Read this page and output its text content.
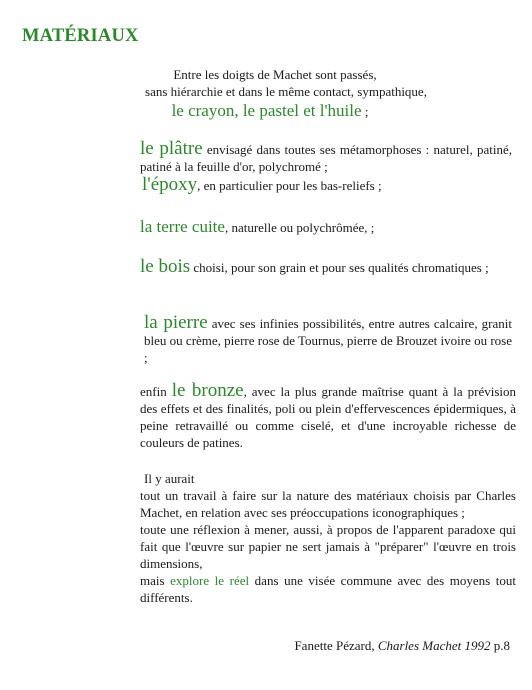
MATÉRIAUX
Entre les doigts de Machet sont passés,
sans hiérarchie et dans le même contact, sympathique,
le crayon, le pastel et l'huile ;

le plâtre envisagé dans toutes ses métamorphoses : naturel, patiné, patiné à la feuille d'or, polychromé ;

l'époxy, en particulier pour les bas-reliefs ;

la terre cuite, naturelle ou polychrômée, ;

le bois choisi, pour son grain et pour ses qualités chromatiques ;

la pierre avec ses infinies possibilités, entre autres calcaire, granit bleu ou crème, pierre rose de Tournus, pierre de Brouzet ivoire ou rose ;

enfin le bronze, avec la plus grande maîtrise quant à la prévision des effets et des finalités, poli ou plein d'effervescences épidermiques, à peine retravaillé ou comme ciselé, et d'une incroyable richesse de couleurs de patines.

Il y aurait

tout un travail à faire sur la nature des matériaux choisis par Charles Machet, en relation avec ses préoccupations iconographiques ;

toute une réflexion à mener, aussi, à propos de l'apparent paradoxe qui fait que l'œuvre sur papier ne sert jamais à "préparer" l'œuvre en trois dimensions,

mais explore le réel dans une visée commune avec des moyens tout différents.

Fanette Pézard, Charles Machet 1992 p.8
